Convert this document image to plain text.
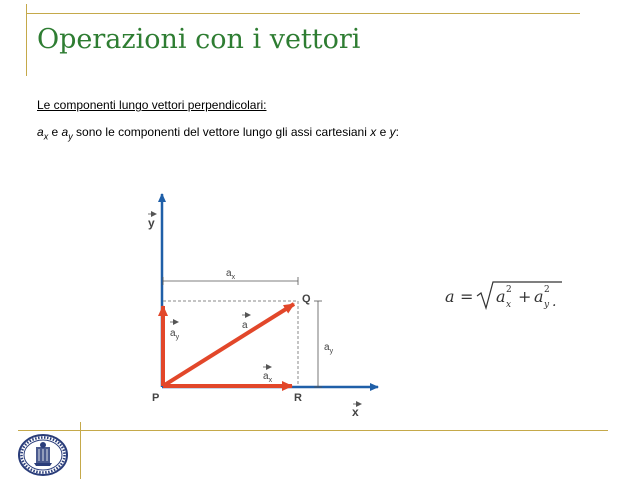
Operazioni con i vettori
Le componenti lungo vettori perpendicolari:
$a_x$ e $a_y$ sono le componenti del vettore lungo gli assi cartesiani x e y:
y
x
P	R
Q
$a_y$
a
$a_x$
$a_x$
$a_y$
a = a x
2 + a y
2
.
